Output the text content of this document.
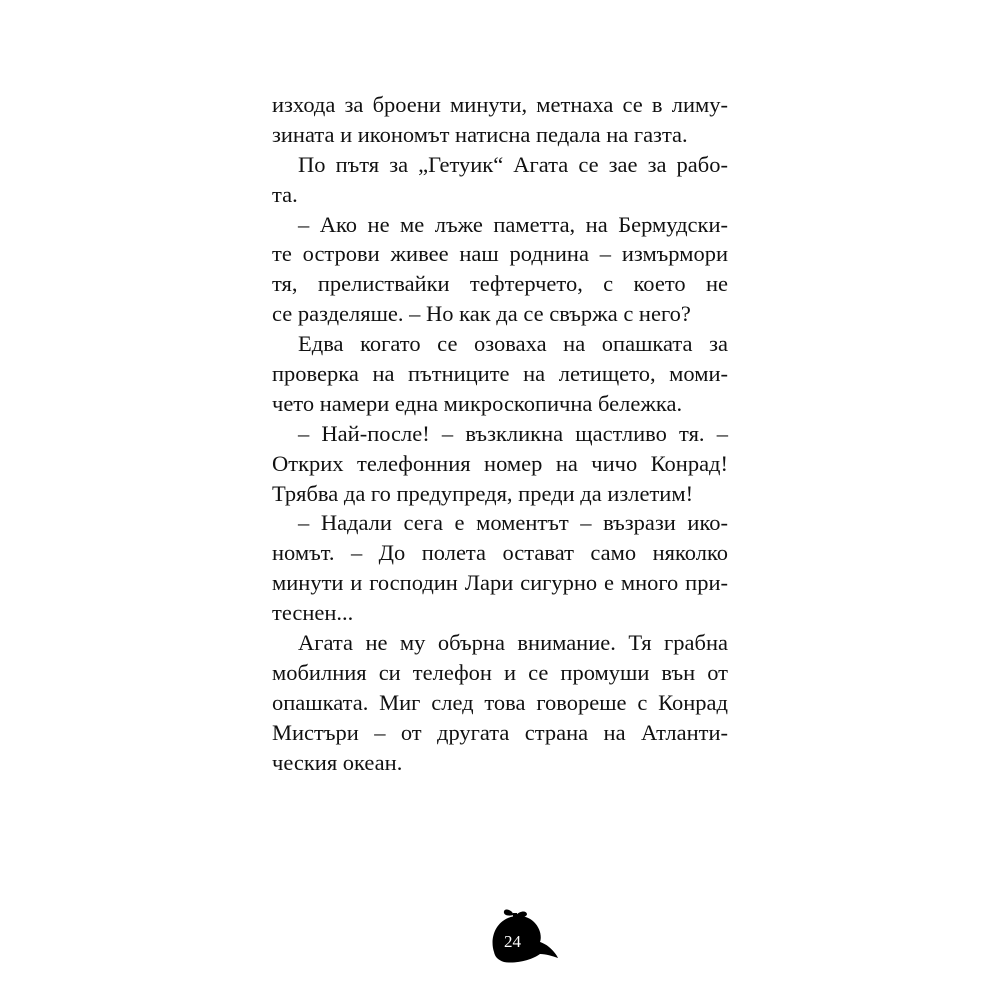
изхода за броени минути, метнаха се в лиму-
зината и икономът натисна педала на газта.
По пътя за „Гетуик“ Агата се зае за рабо-
та.
– Ако не ме лъже паметта, на Бермудски-
те острови живее наш роднина – измърмори
тя, прелиствайки тефтерчето, с което не
се разделяше. – Но как да се свържа с него?
Едва когато се озоваха на опашката за
проверка на пътниците на летището, моми-
чето намери една микроскопична бележка.
– Най-после! – възкликна щастливо тя. –
Открих телефонния номер на чичо Конрад!
Трябва да го предупредя, преди да излетим!
– Надали сега е моментът – възрази ико-
номът. – До полета остават само няколко
минути и господин Лари сигурно е много при-
теснен...
Агата не му обърна внимание. Тя грабна
мобилния си телефон и се промуши вън от
опашката. Миг след това говореше с Конрад
Мистъри – от другата страна на Атланти-
ческия океан.
24
